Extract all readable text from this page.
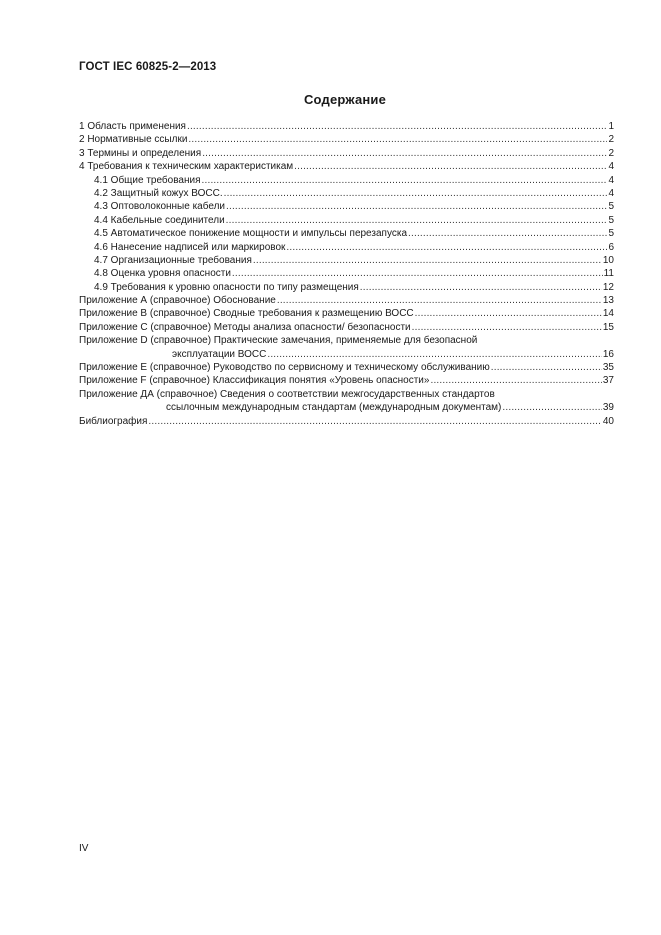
ГОСТ IEC 60825-2—2013
Содержание
1 Область применения .....	1
2 Нормативные ссылки .....	2
3 Термины и определения .....	2
4 Требования к техническим характеристикам .....	4
4.1 Общие требования .....	4
4.2 Защитный кожух ВОСС. .....	4
4.3 Оптоволоконные кабели .....	5
4.4 Кабельные соединители .....	5
4.5 Автоматическое понижение мощности и импульсы перезапуска .....	5
4.6 Нанесение надписей или маркировок .....	6
4.7 Организационные требования .....	10
4.8 Оценка уровня опасности .....	11
4.9 Требования к уровню опасности по типу размещения .....	12
Приложение А (справочное) Обоснование .....	13
Приложение В (справочное) Сводные требования к размещению ВОСС .....	14
Приложение С (справочное) Методы анализа опасности/ безопасности .....	15
Приложение D (справочное) Практические замечания, применяемые для безопасной
эксплуатации ВОСС .....	16
Приложение Е (справочное) Руководство по сервисному и техническому обслуживанию .....	35
Приложение F (справочное) Классификация понятия «Уровень опасности» .....	37
Приложение ДА (справочное) Сведения о соответствии межгосударственных стандартов
ссылочным международным стандартам (международным документам) .....	39
Библиография .....	40
IV
